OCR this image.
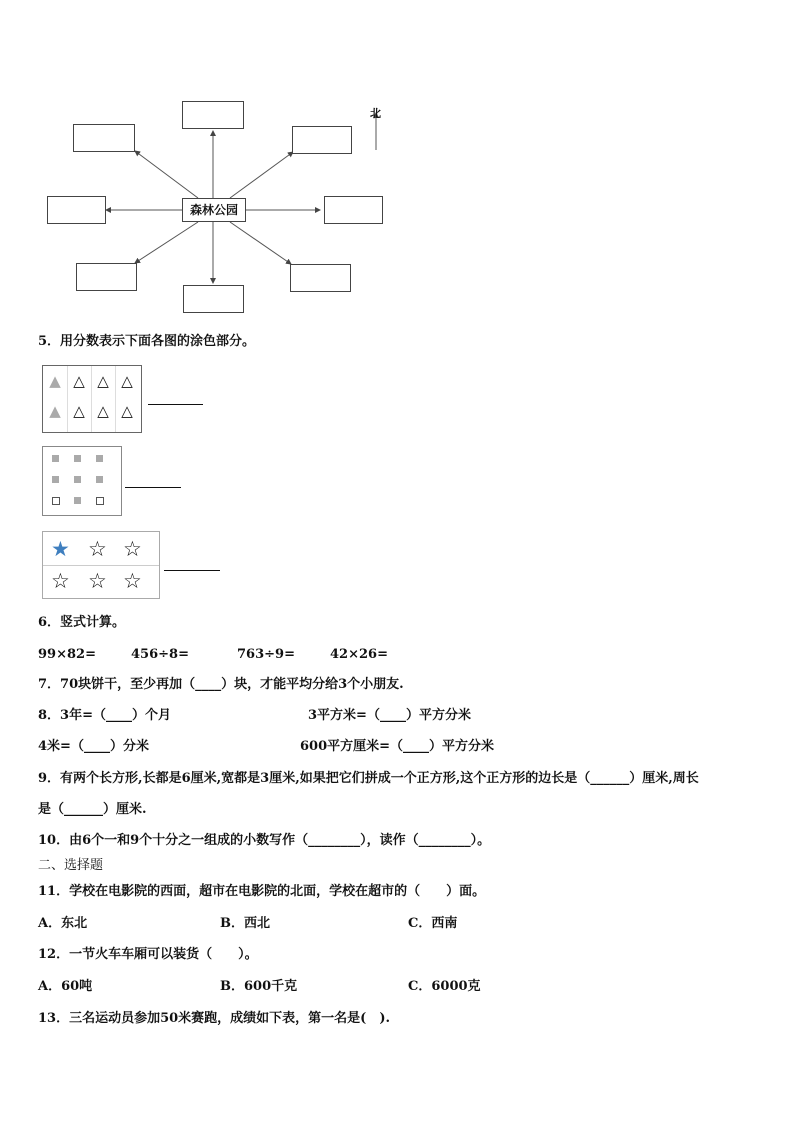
森林公园
北
5．用分数表示下面各图的涂色部分。
▲ △ △ △
▲ △ △ △
★ ☆ ☆
☆ ☆ ☆
6．竖式计算。
99×82=	456÷8=	763÷9=	42×26=
7．70块饼干，至少再加（____）块，才能平均分给3个小朋友.
8．3年=（____）个月	3平方米=（____）平方分米
4米=（____）分米	600平方厘米=（____）平方分米
9．有两个长方形,长都是6厘米,宽都是3厘米,如果把它们拼成一个正方形,这个正方形的边长是（______）厘米,周长
是（______）厘米.
10．由6个一和9个十分之一组成的小数写作（________），读作（________）。
二、选择题
11．学校在电影院的西面，超市在电影院的北面，学校在超市的（　　）面。
A．东北	B．西北	C．西南
12．一节火车车厢可以装货（　　）。
A．60吨	B．600千克	C．6000克
13．三名运动员参加50米赛跑，成绩如下表，第一名是(　).
